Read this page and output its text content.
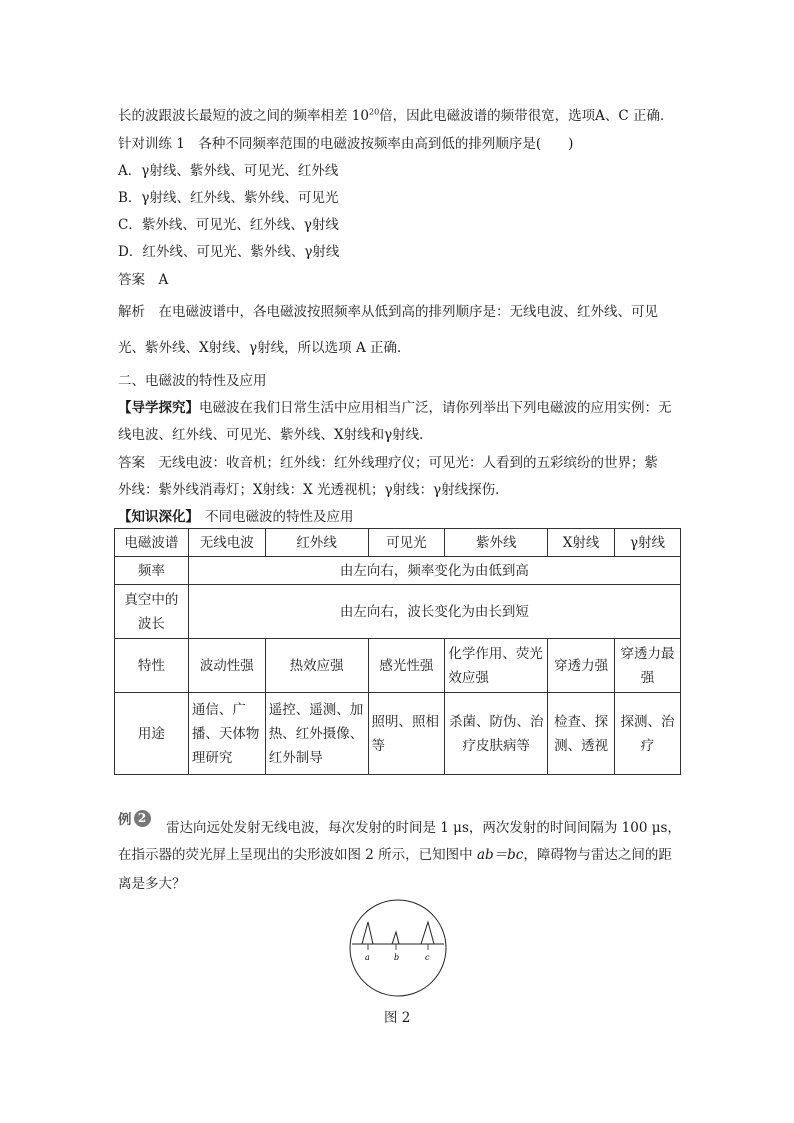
长的波跟波长最短的波之间的频率相差 $10^{20}$倍，因此电磁波谱的频带很宽，选项A、C 正确．
针对训练 1　各种不同频率范围的电磁波按频率由高到低的排列顺序是(　　)
A．γ射线、紫外线、可见光、红外线
B．γ射线、红外线、紫外线、可见光
C．紫外线、可见光、红外线、γ射线
D．红外线、可见光、紫外线、γ射线
答案　A
解析　在电磁波谱中，各电磁波按照频率从低到高的排列顺序是：无线电波、红外线、可见
光、紫外线、X射线、γ射线，所以选项 A 正确．
二、电磁波的特性及应用
【导学探究】电磁波在我们日常生活中应用相当广泛，请你列举出下列电磁波的应用实例：无
线电波、红外线、可见光、紫外线、X射线和γ射线．
答案　无线电波：收音机；红外线：红外线理疗仪；可见光：人看到的五彩缤纷的世界；紫
外线：紫外线消毒灯；X射线：X 光透视机；γ射线：γ射线探伤．
【知识深化】 不同电磁波的特性及应用
电磁波谱	无线电波	红外线	可见光	紫外线	X射线	γ射线
频率	由左向右，频率变化为由低到高					
真空中的
波长	由左向右，波长变化为由长到短					
特性	波动性强	热效应强	感光性强	化学作用、荧光效应强	穿透力强	穿透力最强
用途	通信、广播、天体物理研究	遥控、遥测、加热、红外摄像、红外制导	照明、照相等	杀菌、防伪、治疗皮肤病等	检查、探测、透视	探测、治疗
例 2
雷达向远处发射无线电波，每次发射的时间是 1 μs，两次发射的时间间隔为 100 μs，
在指示器的荧光屏上呈现出的尖形波如图 2 所示，已知图中 ab＝bc，障碍物与雷达之间的距
离是多大？
a	b	c
图 2
